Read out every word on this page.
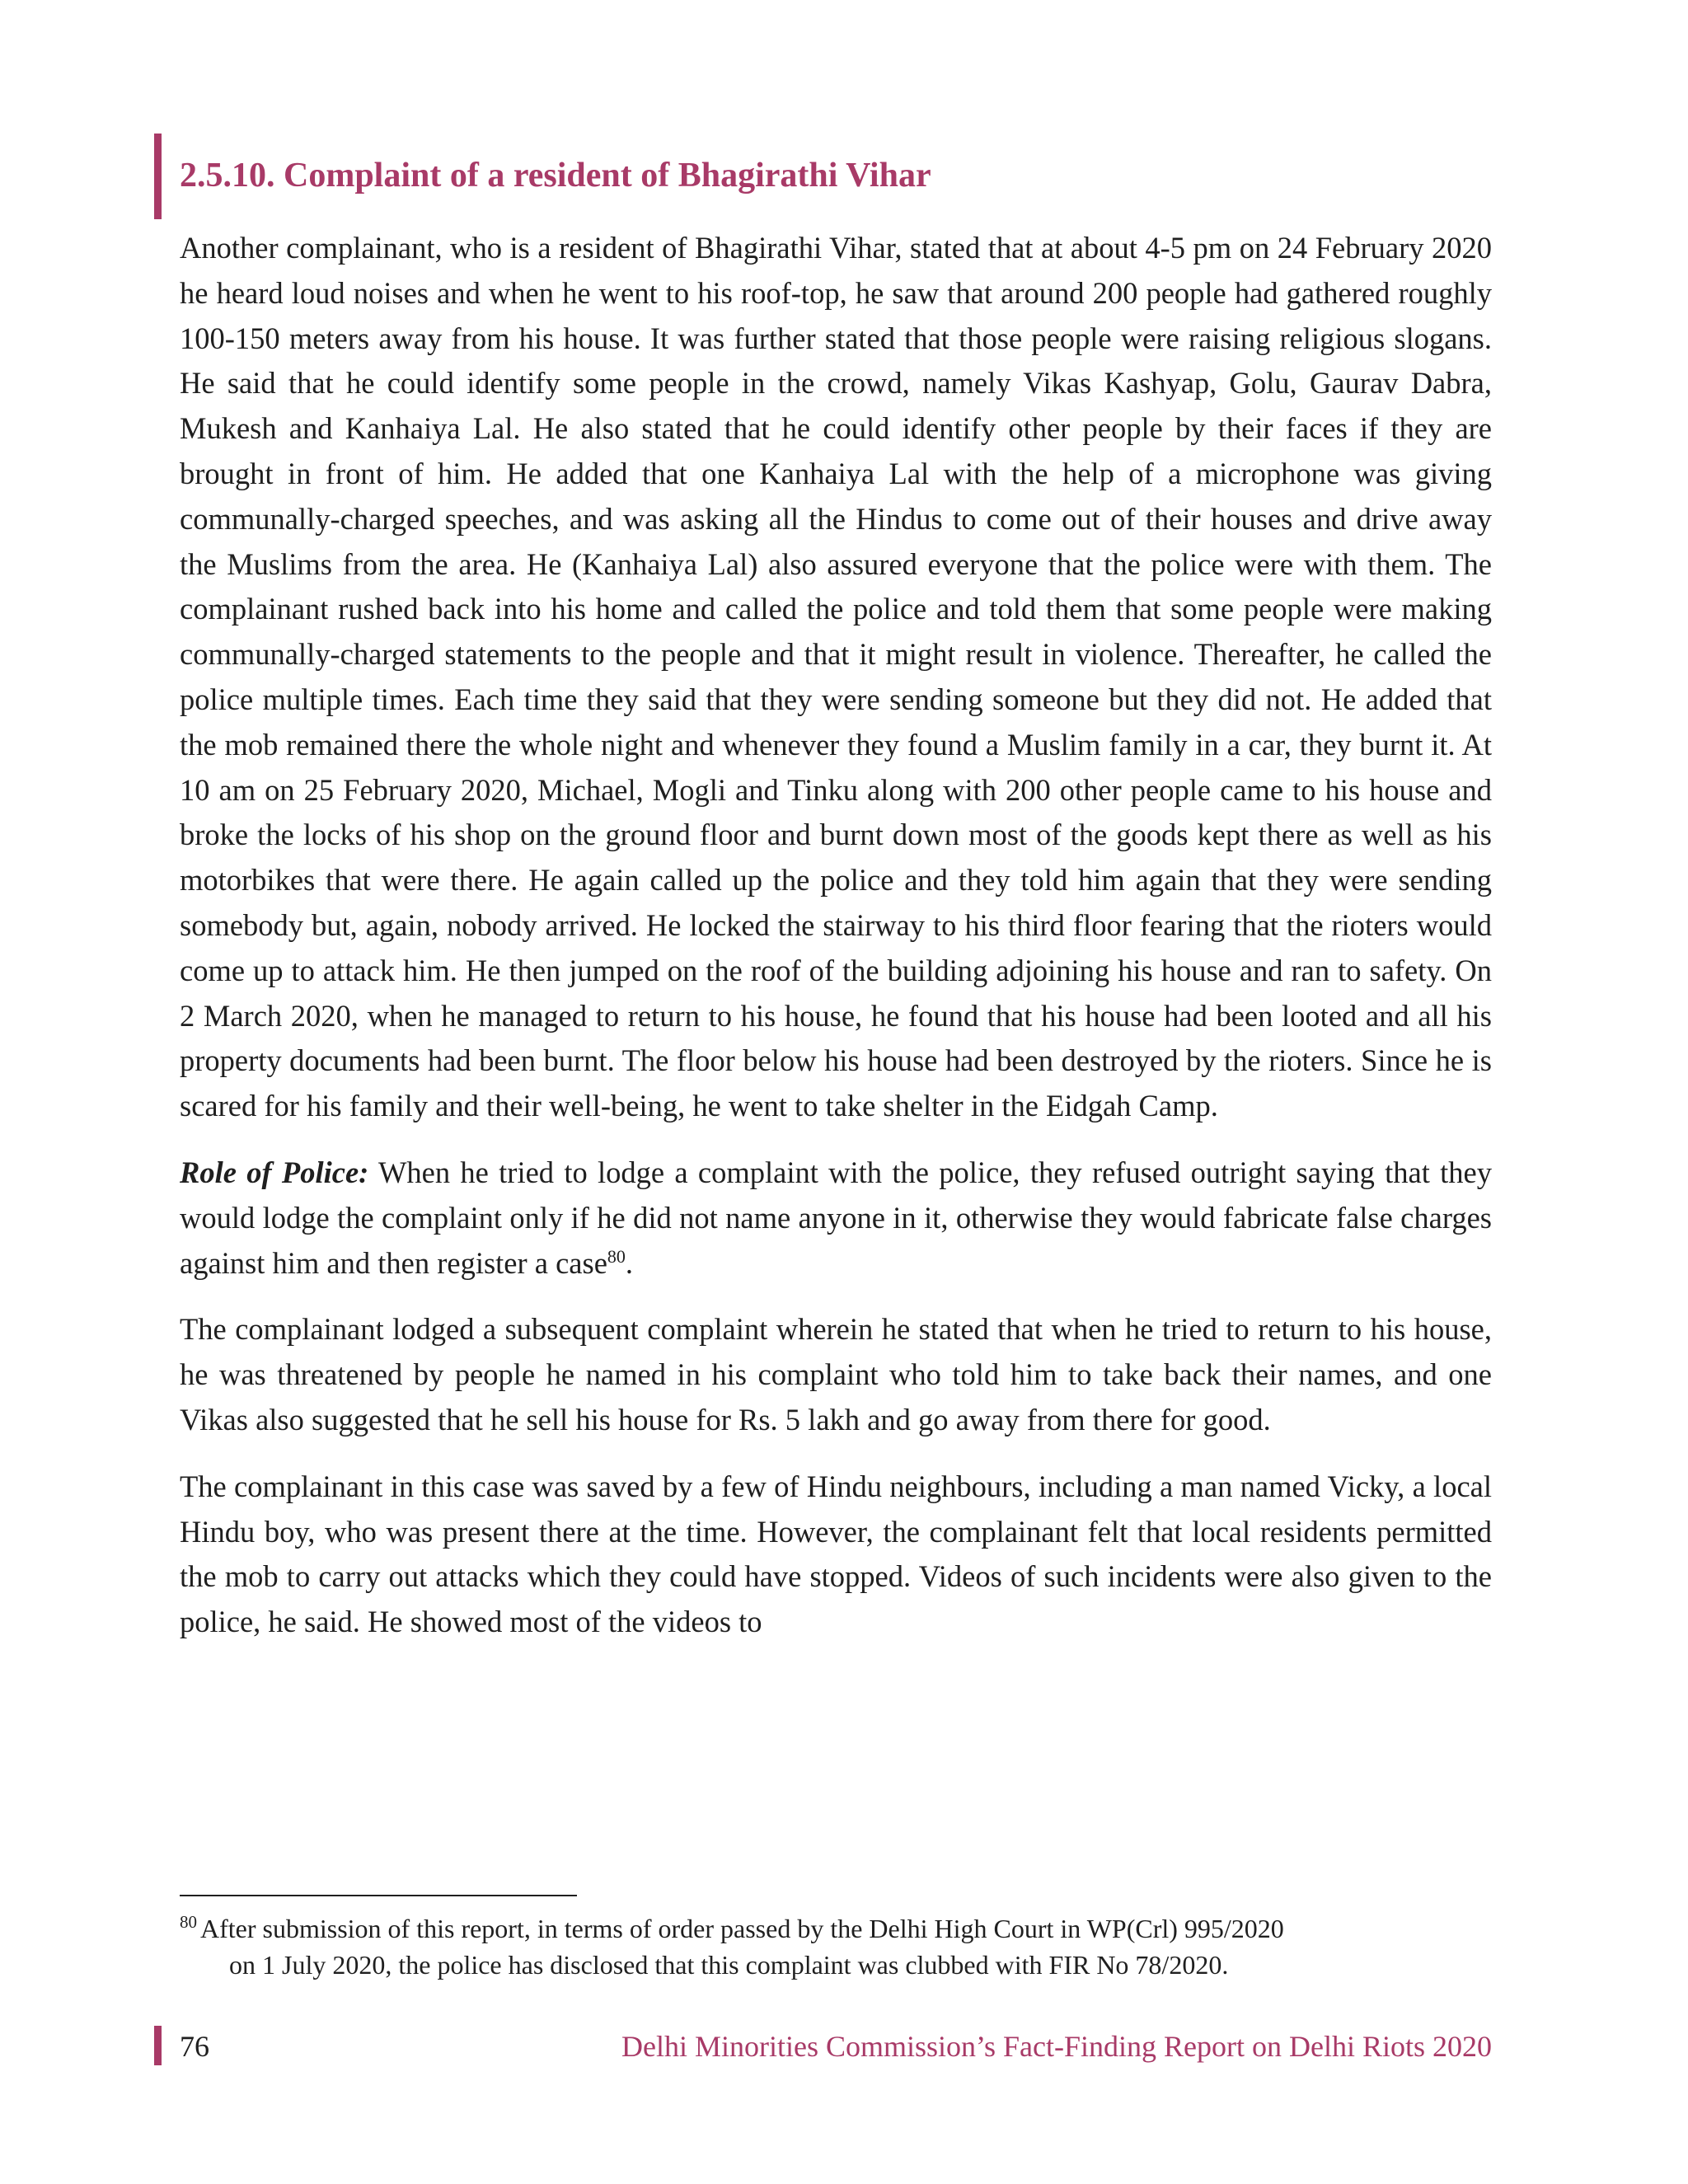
2.5.10. Complaint of a resident of Bhagirathi Vihar

Another complainant, who is a resident of Bhagirathi Vihar, stated that at about 4-5 pm on 24 February 2020 he heard loud noises and when he went to his roof-top, he saw that around 200 people had gathered roughly 100-150 meters away from his house. It was further stated that those people were raising religious slogans. He said that he could identify some people in the crowd, namely Vikas Kashyap, Golu, Gaurav Dabra, Mukesh and Kanhaiya Lal. He also stated that he could identify other people by their faces if they are brought in front of him. He added that one Kanhaiya Lal with the help of a microphone was giving communally-charged speeches, and was asking all the Hindus to come out of their houses and drive away the Muslims from the area. He (Kanhaiya Lal) also assured everyone that the police were with them. The complainant rushed back into his home and called the police and told them that some people were making communally-charged statements to the people and that it might result in violence. Thereafter, he called the police multiple times. Each time they said that they were sending someone but they did not. He added that the mob remained there the whole night and whenever they found a Muslim family in a car, they burnt it. At 10 am on 25 February 2020, Michael, Mogli and Tinku along with 200 other people came to his house and broke the locks of his shop on the ground floor and burnt down most of the goods kept there as well as his motorbikes that were there. He again called up the police and they told him again that they were sending somebody but, again, nobody arrived. He locked the stairway to his third floor fearing that the rioters would come up to attack him. He then jumped on the roof of the building adjoining his house and ran to safety. On 2 March 2020, when he managed to return to his house, he found that his house had been looted and all his property documents had been burnt. The floor below his house had been destroyed by the rioters. Since he is scared for his family and their well-being, he went to take shelter in the Eidgah Camp.

Role of Police: When he tried to lodge a complaint with the police, they refused outright saying that they would lodge the complaint only if he did not name anyone in it, otherwise they would fabricate false charges against him and then register a case$^{80}$.

The complainant lodged a subsequent complaint wherein he stated that when he tried to return to his house, he was threatened by people he named in his complaint who told him to take back their names, and one Vikas also suggested that he sell his house for Rs. 5 lakh and go away from there for good.

The complainant in this case was saved by a few of Hindu neighbours, including a man named Vicky, a local Hindu boy, who was present there at the time. However, the complainant felt that local residents permitted the mob to carry out attacks which they could have stopped. Videos of such incidents were also given to the police, he said. He showed most of the videos to

$^{80}$ After submission of this report, in terms of order passed by the Delhi High Court in WP(Crl) 995/2020
on 1 July 2020, the police has disclosed that this complaint was clubbed with FIR No 78/2020.
76	Delhi Minorities Commission’s Fact-Finding Report on Delhi Riots 2020
